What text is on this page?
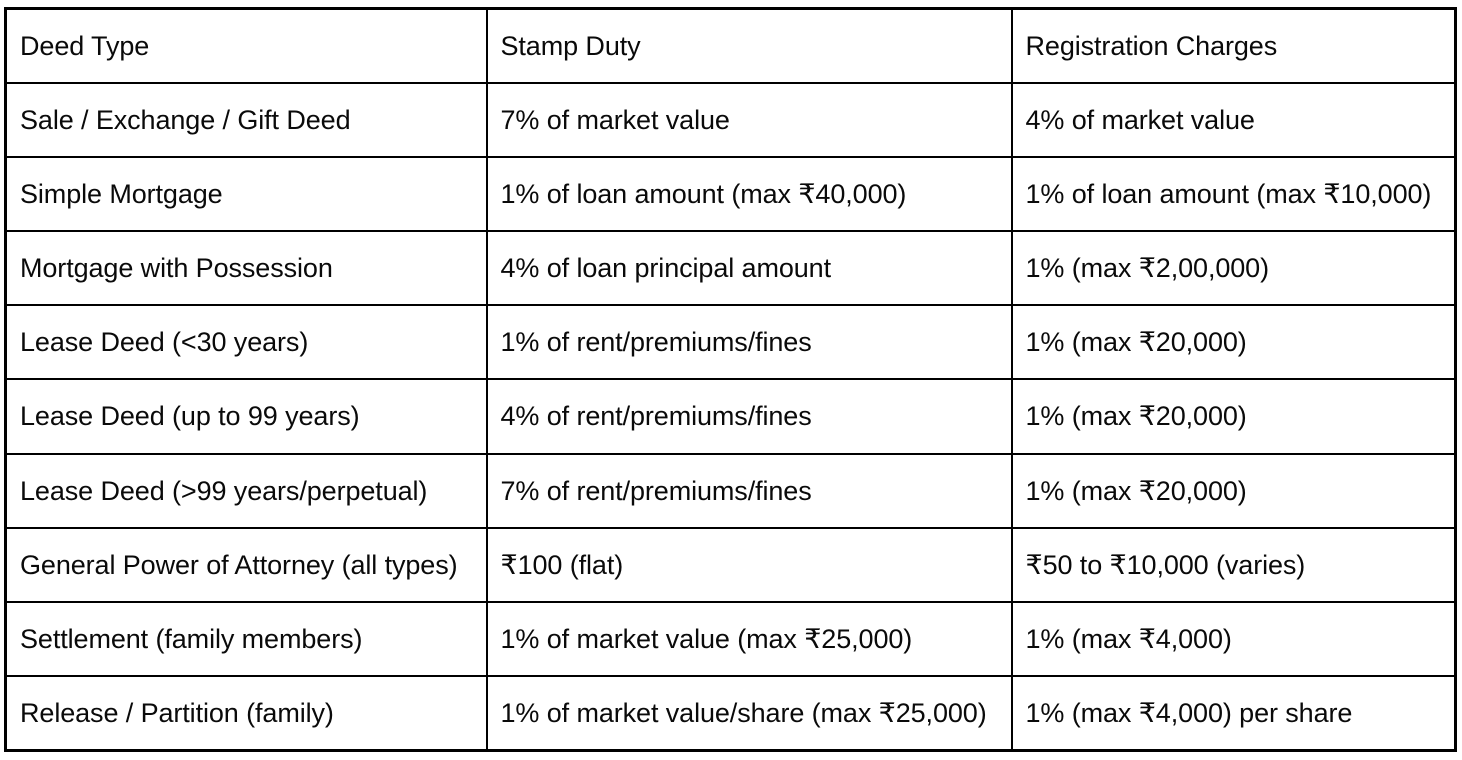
Deed Type	Stamp Duty	Registration Charges
Sale / Exchange / Gift Deed	7% of market value	4% of market value
Simple Mortgage	1% of loan amount (max ₹40,000)	1% of loan amount (max ₹10,000)
Mortgage with Possession	4% of loan principal amount	1% (max ₹2,00,000)
Lease Deed (<30 years)	1% of rent/premiums/fines	1% (max ₹20,000)
Lease Deed (up to 99 years)	4% of rent/premiums/fines	1% (max ₹20,000)
Lease Deed (>99 years/perpetual)	7% of rent/premiums/fines	1% (max ₹20,000)
General Power of Attorney (all types)	₹100 (flat)	₹50 to ₹10,000 (varies)
Settlement (family members)	1% of market value (max ₹25,000)	1% (max ₹4,000)
Release / Partition (family)	1% of market value/share (max ₹25,000)	1% (max ₹4,000) per share
